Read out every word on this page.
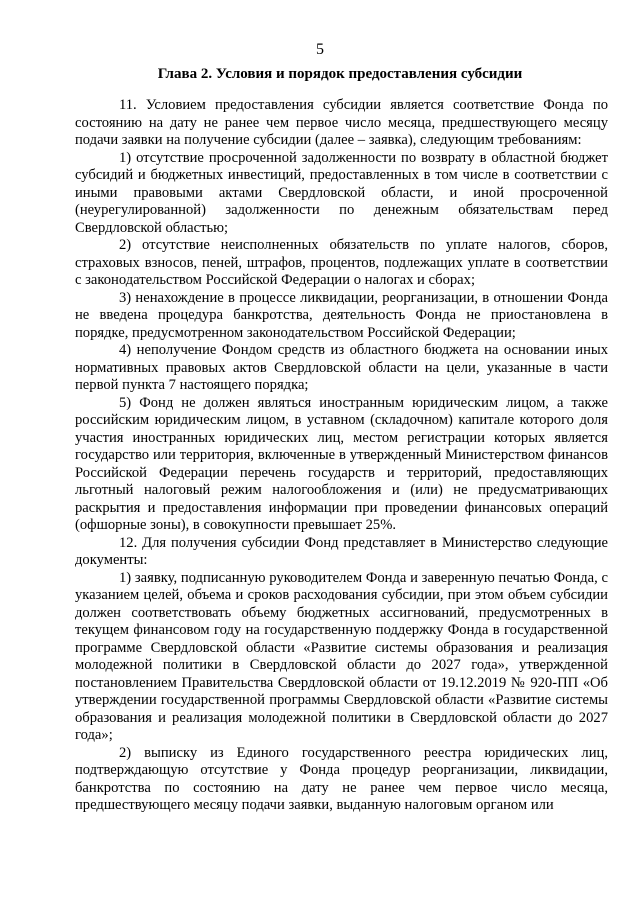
5
Глава 2. Условия и порядок предоставления субсидии

11. Условием предоставления субсидии является соответствие Фонда по состоянию на дату не ранее чем первое число месяца, предшествующего месяцу подачи заявки на получение субсидии (далее – заявка), следующим требованиям:

1) отсутствие просроченной задолженности по возврату в областной бюджет субсидий и бюджетных инвестиций, предоставленных в том числе в соответствии с иными правовыми актами Свердловской области, и иной просроченной (неурегулированной) задолженности по денежным обязательствам перед Свердловской областью;

2) отсутствие неисполненных обязательств по уплате налогов, сборов, страховых взносов, пеней, штрафов, процентов, подлежащих уплате в соответствии с законодательством Российской Федерации о налогах и сборах;

3) ненахождение в процессе ликвидации, реорганизации, в отношении Фонда не введена процедура банкротства, деятельность Фонда не приостановлена в порядке, предусмотренном законодательством Российской Федерации;

4) неполучение Фондом средств из областного бюджета на основании иных нормативных правовых актов Свердловской области на цели, указанные в части первой пункта 7 настоящего порядка;

5) Фонд не должен являться иностранным юридическим лицом, а также российским юридическим лицом, в уставном (складочном) капитале которого доля участия иностранных юридических лиц, местом регистрации которых является государство или территория, включенные в утвержденный Министерством финансов Российской Федерации перечень государств и территорий, предоставляющих льготный налоговый режим налогообложения и (или) не предусматривающих раскрытия и предоставления информации при проведении финансовых операций (офшорные зоны), в совокупности превышает 25%.

12. Для получения субсидии Фонд представляет в Министерство следующие документы:

1) заявку, подписанную руководителем Фонда и заверенную печатью Фонда, с указанием целей, объема и сроков расходования субсидии, при этом объем субсидии должен соответствовать объему бюджетных ассигнований, предусмотренных в текущем финансовом году на государственную поддержку Фонда в государственной программе Свердловской области «Развитие системы образования и реализация молодежной политики в Свердловской области до 2027 года», утвержденной постановлением Правительства Свердловской области от 19.12.2019 № 920-ПП «Об утверждении государственной программы Свердловской области «Развитие системы образования и реализация молодежной политики в Свердловской области до 2027 года»;

2) выписку из Единого государственного реестра юридических лиц, подтверждающую отсутствие у Фонда процедур реорганизации, ликвидации, банкротства по состоянию на дату не ранее чем первое число месяца, предшествующего месяцу подачи заявки, выданную налоговым органом или
